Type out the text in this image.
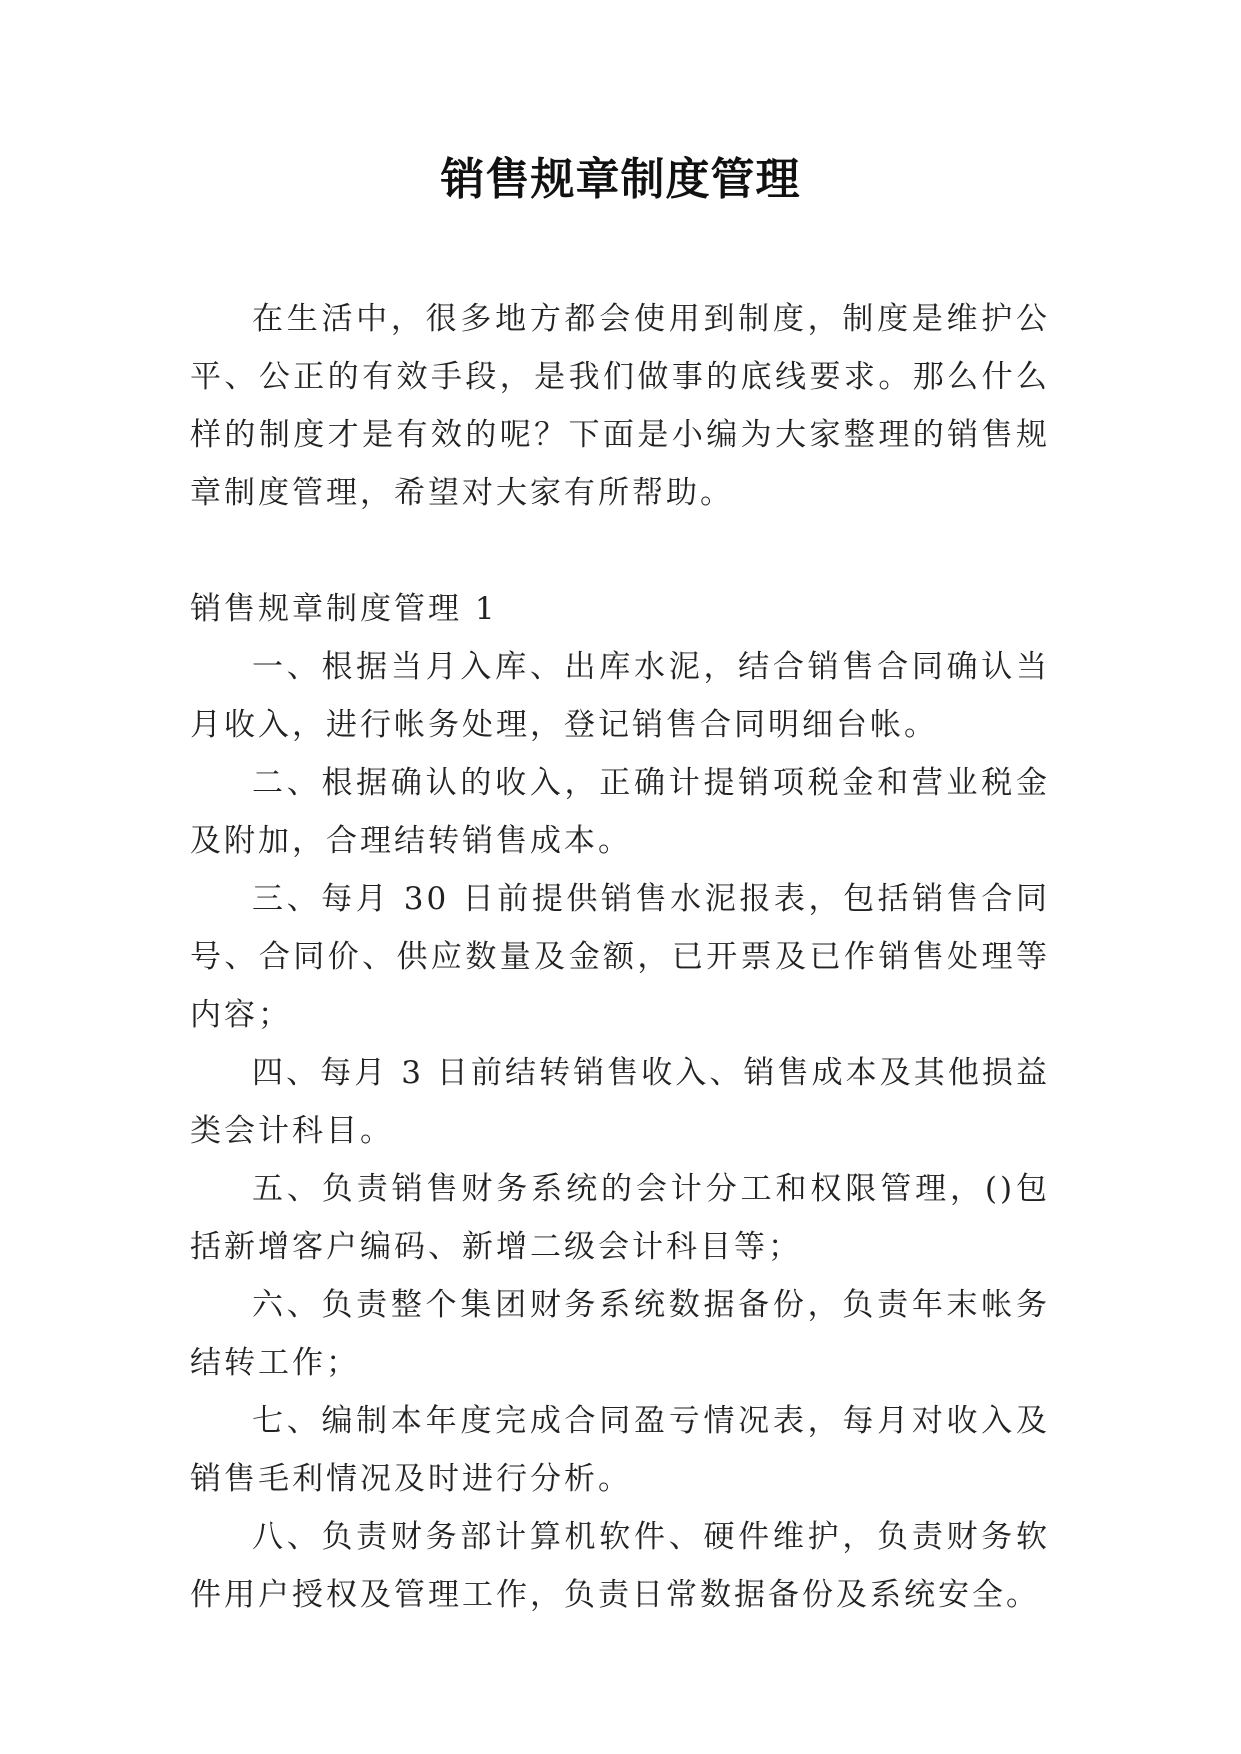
销售规章制度管理

在生活中，很多地方都会使用到制度，制度是维护公平、公正的有效手段，是我们做事的底线要求。那么什么样的制度才是有效的呢？下面是小编为大家整理的销售规章制度管理，希望对大家有所帮助。

销售规章制度管理 1

一、根据当月入库、出库水泥，结合销售合同确认当月收入，进行帐务处理，登记销售合同明细台帐。

二、根据确认的收入，正确计提销项税金和营业税金及附加，合理结转销售成本。

三、每月 30 日前提供销售水泥报表，包括销售合同号、合同价、供应数量及金额，已开票及已作销售处理等内容；

四、每月 3 日前结转销售收入、销售成本及其他损益类会计科目。

五、负责销售财务系统的会计分工和权限管理，()包括新增客户编码、新增二级会计科目等；

六、负责整个集团财务系统数据备份，负责年末帐务结转工作；

七、编制本年度完成合同盈亏情况表，每月对收入及销售毛利情况及时进行分析。

八、负责财务部计算机软件、硬件维护，负责财务软件用户授权及管理工作，负责日常数据备份及系统安全。
